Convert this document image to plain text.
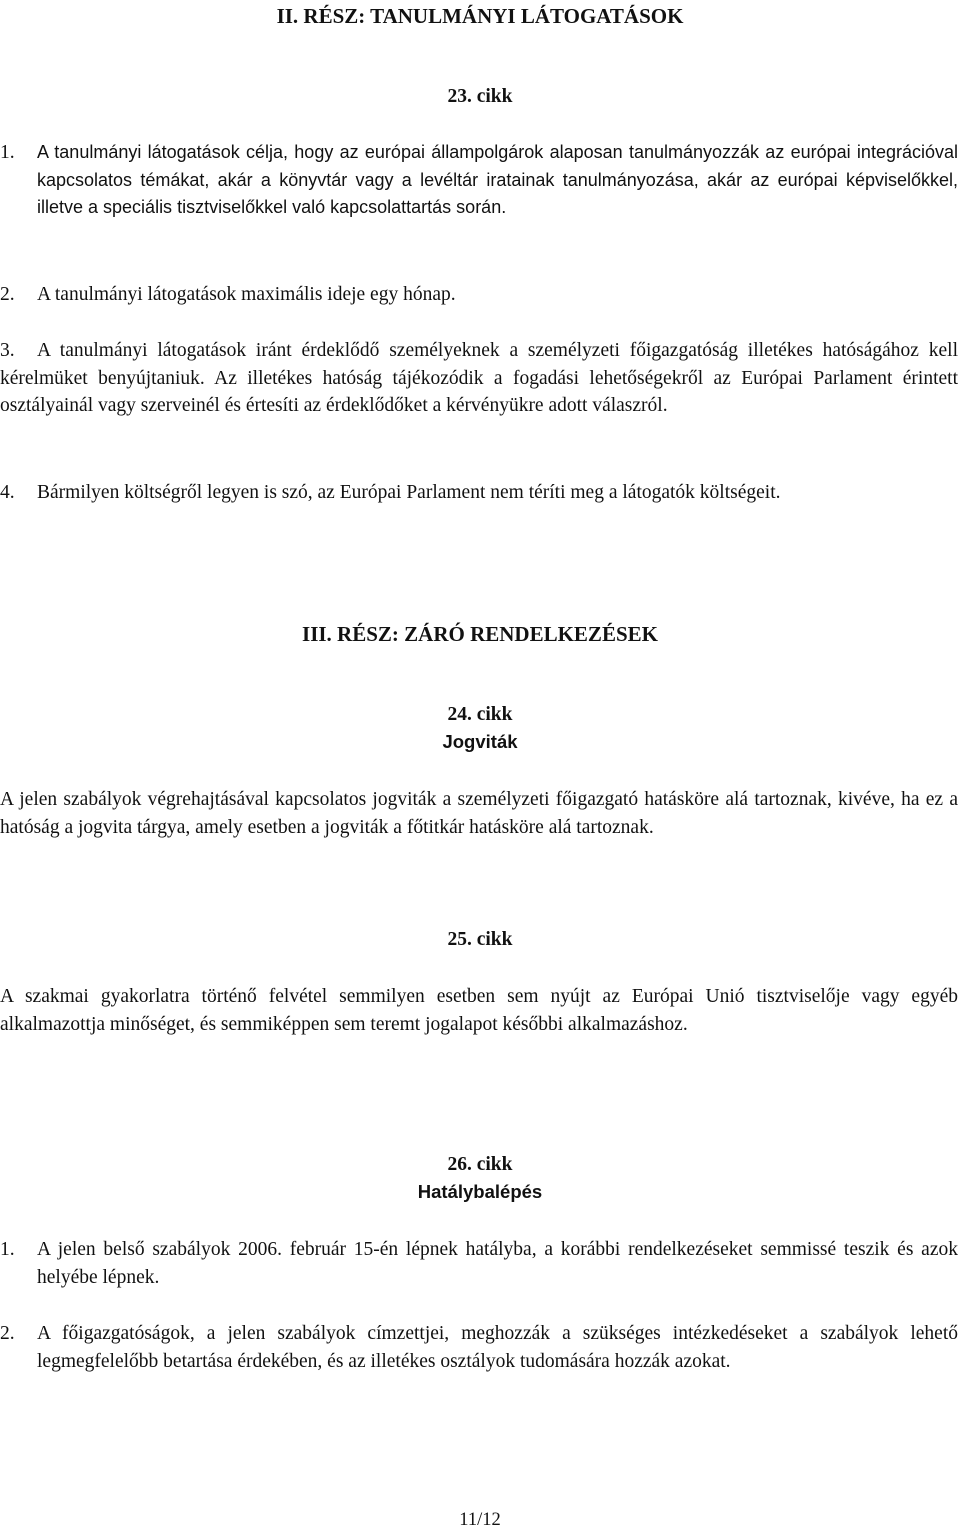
II. RÉSZ: TANULMÁNYI LÁTOGATÁSOK
23. cikk
1. A tanulmányi látogatások célja, hogy az európai állampolgárok alaposan tanulmányozzák az európai integrációval kapcsolatos témákat, akár a könyvtár vagy a levéltár iratainak tanulmányozása, akár az európai képviselőkkel, illetve a speciális tisztviselőkkel való kapcsolattartás során.
2. A tanulmányi látogatások maximális ideje egy hónap.
3.	A tanulmányi látogatások iránt érdeklődő személyeknek a személyzeti főigazgatóság illetékes hatóságához kell kérelmüket benyújtaniuk. Az illetékes hatóság tájékozódik a fogadási lehetőségekről az Európai Parlament érintett osztályainál vagy szerveinél és értesíti az érdeklődőket a kérvényükre adott válaszról.
4. Bármilyen költségről legyen is szó, az Európai Parlament nem téríti meg a látogatók költségeit.
III. RÉSZ: ZÁRÓ RENDELKEZÉSEK
24. cikk
Jogviták

A jelen szabályok végrehajtásával kapcsolatos jogviták a személyzeti főigazgató hatásköre alá tartoznak, kivéve, ha ez a hatóság a jogvita tárgya, amely esetben a jogviták a főtitkár hatásköre alá tartoznak.

25. cikk

A szakmai gyakorlatra történő felvétel semmilyen esetben sem nyújt az Európai Unió tisztviselője vagy egyéb alkalmazottja minőséget, és semmiképpen sem teremt jogalapot későbbi alkalmazáshoz.

26. cikk
Hatálybalépés
1. A jelen belső szabályok 2006. február 15-én lépnek hatályba, a korábbi rendelkezéseket semmissé teszik és azok helyébe lépnek.
2. A főigazgatóságok, a jelen szabályok címzettjei, meghozzák a szükséges intézkedéseket a szabályok lehető legmegfelelőbb betartása érdekében, és az illetékes osztályok tudomására hozzák azokat.
11/12
